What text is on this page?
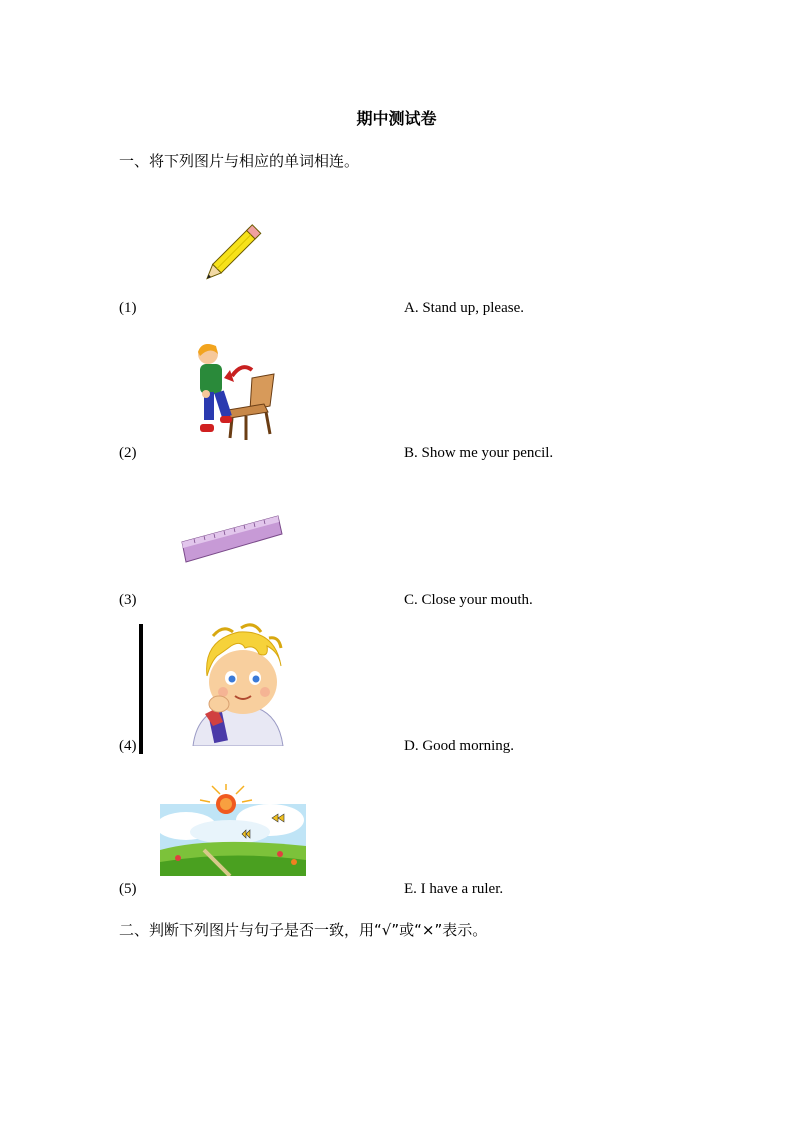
期中测试卷
一、将下列图片与相应的单词相连。
(1)	A. Stand up, please.
(2)	B. Show me your pencil.
(3)	C. Close your mouth.
(4)	D. Good morning.
(5)	E. I have a ruler.
二、判断下列图片与句子是否一致，用“√”或“×”表示。
